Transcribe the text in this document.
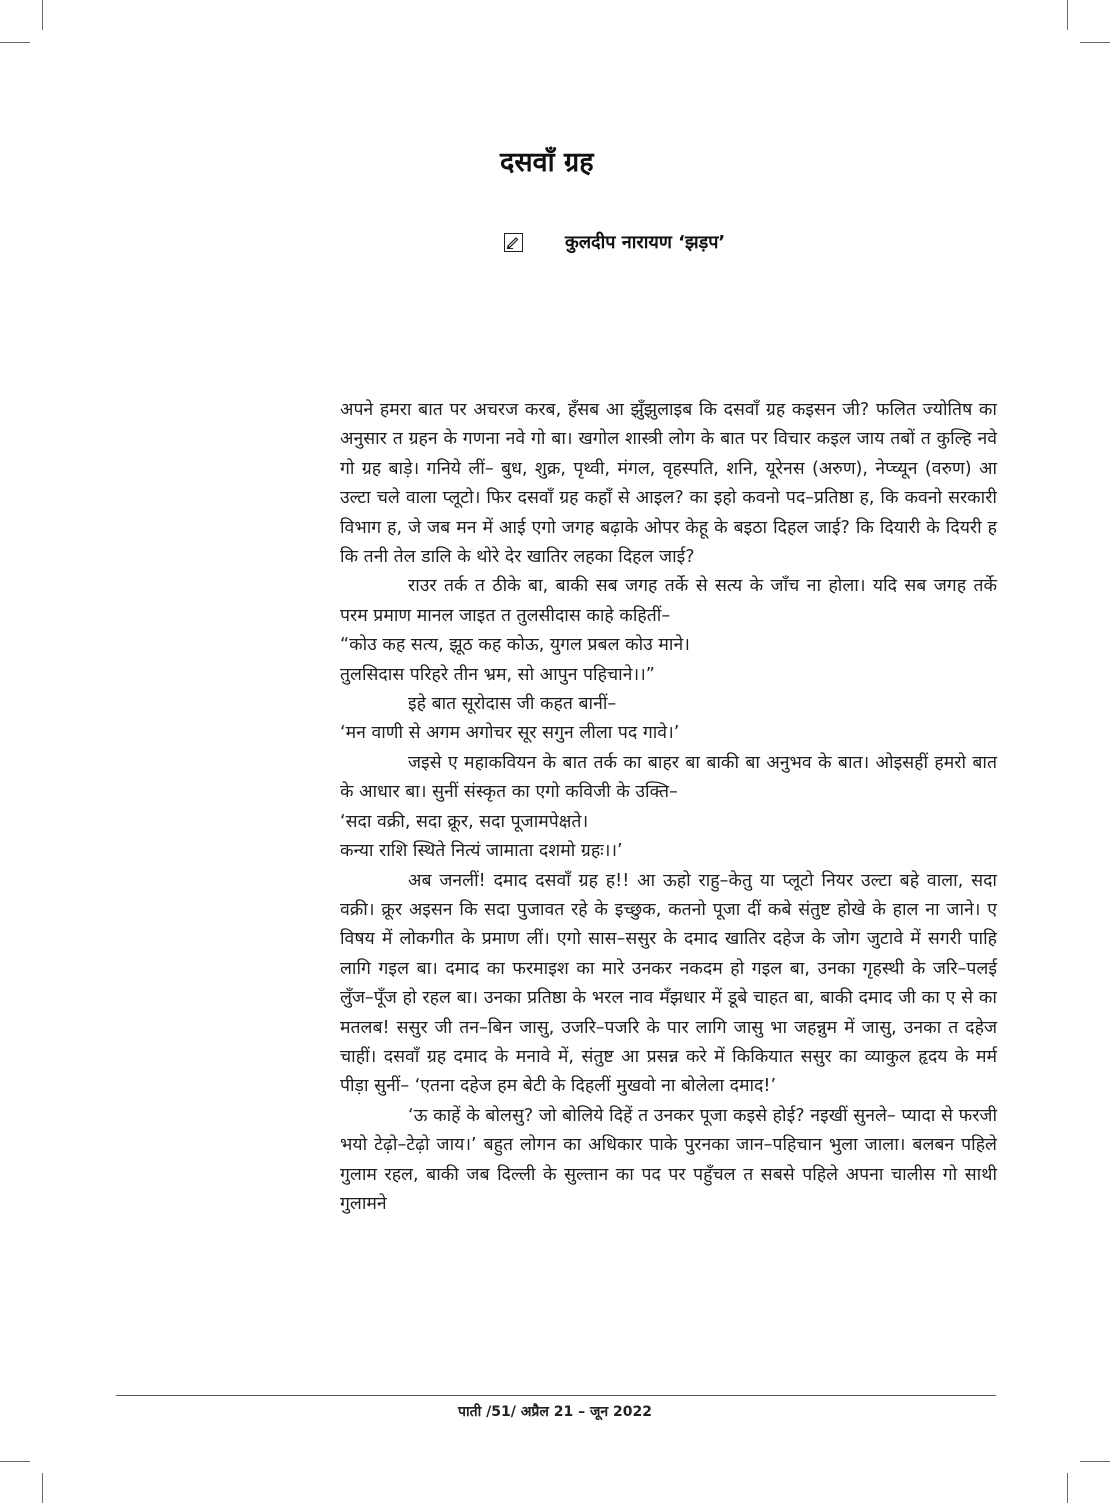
दसवाँ ग्रह
कुलदीप नारायण ‘झड़प’

अपने हमरा बात पर अचरज करब, हँसब आ झुँझुलाइब कि दसवाँ ग्रह कइसन जी? फलित ज्योतिष का अनुसार त ग्रहन के गणना नवे गो बा। खगोल शास्त्री लोग के बात पर विचार कइल जाय तबों त कुल्हि नवे गो ग्रह बाड़े। गनिये लीं– बुध, शुक्र, पृथ्वी, मंगल, वृहस्पति, शनि, यूरेनस (अरुण), नेप्च्यून (वरुण) आ उल्टा चले वाला प्लूटो। फिर दसवाँ ग्रह कहाँ से आइल? का इहो कवनो पद–प्रतिष्ठा ह, कि कवनो सरकारी विभाग ह, जे जब मन में आई एगो जगह बढ़ाके ओपर केहू के बइठा दिहल जाई? कि दियारी के दियरी ह कि तनी तेल डालि के थोरे देर खातिर लहका दिहल जाई?

राउर तर्क त ठीके बा, बाकी सब जगह तर्के से सत्य के जाँच ना होला। यदि सब जगह तर्के परम प्रमाण मानल जाइत त तुलसीदास काहे कहितीं–

“कोउ कह सत्य, झूठ कह कोऊ, युगल प्रबल कोउ माने।

तुलसिदास परिहरे तीन भ्रम, सो आपुन पहिचाने।।”

इहे बात सूरोदास जी कहत बानीं–

‘मन वाणी से अगम अगोचर सूर सगुन लीला पद गावे।’

जइसे ए महाकवियन के बात तर्क का बाहर बा बाकी बा अनुभव के बात। ओइसहीं हमरो बात के आधार बा। सुनीं संस्कृत का एगो कविजी के उक्ति–

‘सदा वक्री, सदा क्रूर, सदा पूजामपेक्षते।

कन्या राशि स्थिते नित्यं जामाता दशमो ग्रहः।।’

अब जनलीं! दमाद दसवाँ ग्रह ह!! आ ऊहो राहु–केतु या प्लूटो नियर उल्टा बहे वाला, सदा वक्री। क्रूर अइसन कि सदा पुजावत रहे के इच्छुक, कतनो पूजा दीं कबे संतुष्ट होखे के हाल ना जाने। ए विषय में लोकगीत के प्रमाण लीं। एगो सास–ससुर के दमाद खातिर दहेज के जोग जुटावे में सगरी पाहि लागि गइल बा। दमाद का फरमाइश का मारे उनकर नकदम हो गइल बा, उनका गृहस्थी के जरि–पलई लुँज–पूँज हो रहल बा। उनका प्रतिष्ठा के भरल नाव मँझधार में डूबे चाहत बा, बाकी दमाद जी का ए से का मतलब! ससुर जी तन–बिन जासु, उजरि–पजरि के पार लागि जासु भा जहन्नुम में जासु, उनका त दहेज चाहीं। दसवाँ ग्रह दमाद के मनावे में, संतुष्ट आ प्रसन्न करे में किकियात ससुर का व्याकुल हृदय के मर्म पीड़ा सुनीं– ‘एतना दहेज हम बेटी के दिहलीं मुखवो ना बोलेला दमाद!’

‘ऊ काहें के बोलसु? जो बोलिये दिहें त उनकर पूजा कइसे होई? नइखीं सुनले– प्यादा से फरजी भयो टेढ़ो–टेढ़ो जाय।’ बहुत लोगन का अधिकार पाके पुरनका जान–पहिचान भुला जाला। बलबन पहिले गुलाम रहल, बाकी जब दिल्ली के सुल्तान का पद पर पहुँचल त सबसे पहिले अपना चालीस गो साथी गुलामने

पाती /51/ अप्रैल 21 – जून 2022
